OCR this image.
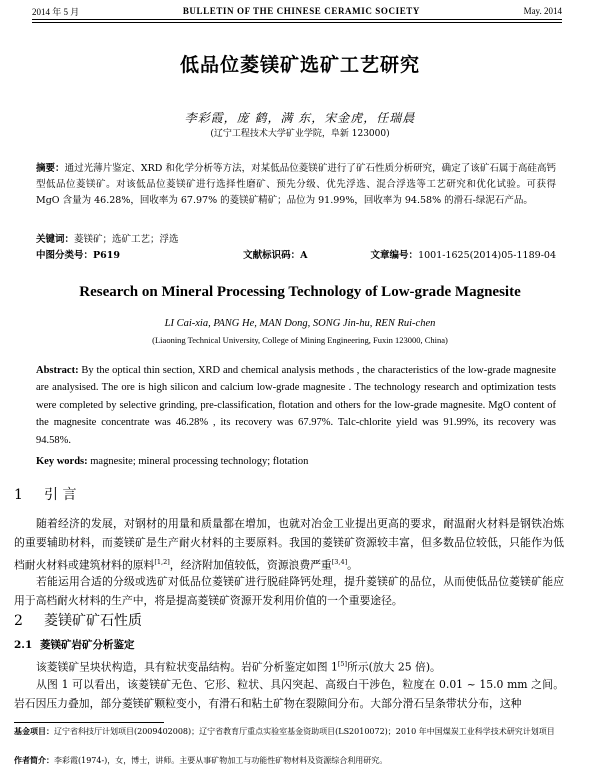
2014 年 5 月	BULLETIN OF THE CHINESE CERAMIC SOCIETY	May. 2014
低品位菱镁矿选矿工艺研究
李彩霞，庞 鹤，满 东，宋金虎，任瑞晨
(辽宁工程技术大学矿业学院，阜新 123000)
摘要：通过光薄片鉴定、XRD 和化学分析等方法，对某低品位菱镁矿进行了矿石性质分析研究，确定了该矿石属于高硅高钙型低品位菱镁矿。对该低品位菱镁矿进行选择性磨矿、预先分级、优先浮选、混合浮选等工艺研究和优化试验。可获得 MgO 含量为 46.28%，回收率为 67.97% 的菱镁矿精矿；品位为 91.99%，回收率为 94.58% 的滑石-绿泥石产品。
关键词：菱镁矿；选矿工艺；浮选
中图分类号：P619	文献标识码：A	文章编号：1001-1625(2014)05-1189-04
Research on Mineral Processing Technology of Low-grade Magnesite
LI Cai-xia, PANG He, MAN Dong, SONG Jin-hu, REN Rui-chen
(Liaoning Technical University, College of Mining Engineering, Fuxin 123000, China)
Abstract: By the optical thin section, XRD and chemical analysis methods , the characteristics of the low-grade magnesite are analysised. The ore is high silicon and calcium low-grade magnesite . The technology research and optimization tests were completed by selective grinding, pre-classification, flotation and others for the low-grade magnesite. MgO content of the magnesite concentrate was 46.28% , its recovery was 67.97%. Talc-chlorite yield was 91.99%, its recovery was 94.58%.
Key words: magnesite; mineral processing technology; flotation
1 引 言
随着经济的发展，对钢材的用量和质量都在增加，也就对冶金工业提出更高的要求，耐温耐火材料是钢铁冶炼的重要辅助材料，而菱镁矿是生产耐火材料的主要原料。我国的菱镁矿资源较丰富，但多数品位较低，只能作为低档耐火材料或建筑材料的原料[1,2]，经济附加值较低，资源浪费严重[3,4]。
若能运用合适的分级或选矿对低品位菱镁矿进行脱硅降钙处理，提升菱镁矿的品位，从而使低品位菱镁矿能应用于高档耐火材料的生产中，将是提高菱镁矿资源开发利用价值的一个重要途径。
2 菱镁矿矿石性质
2.1 菱镁矿岩矿分析鉴定
该菱镁矿呈块状构造，具有粒状变晶结构。岩矿分析鉴定如图 1[5]所示(放大 25 倍)。
从图 1 可以看出，该菱镁矿无色、它形、粒状、具闪突起、高级白干涉色，粒度在 0.01 ~ 15.0 mm 之间。岩石因压力叠加，部分菱镁矿颗粒变小，有滑石和粘土矿物在裂隙间分布。大部分滑石呈条带状分布，这种
基金项目：辽宁省科技厅计划项目(2009402008)；辽宁省教育厅重点实验室基金资助项目(LS2010072)；2010 年中国煤炭工业科学技术研究计划项目
作者简介：李彩霞(1974-)，女，博士，讲师。主要从事矿物加工与功能性矿物材料及资源综合利用研究。
